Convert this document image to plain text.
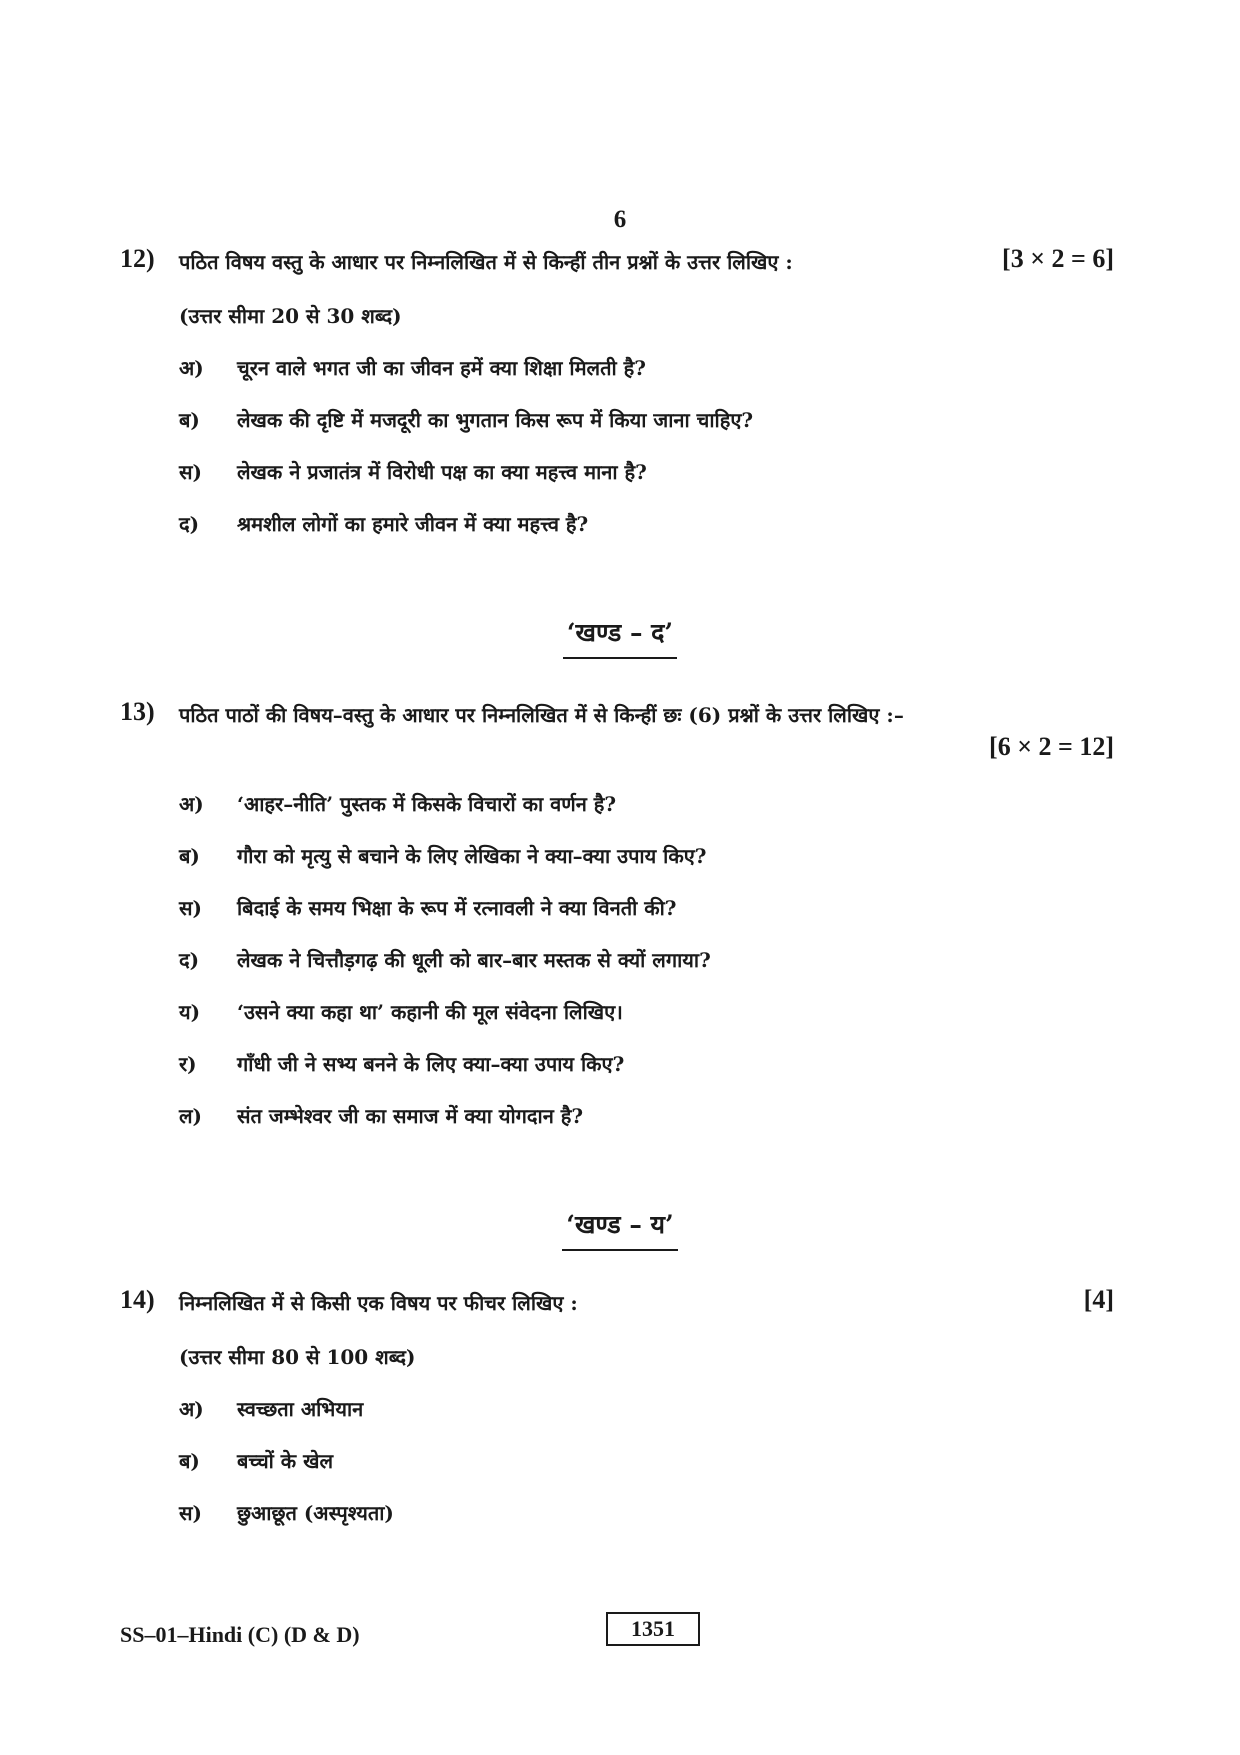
6
12) पठित विषय वस्तु के आधार पर निम्नलिखित में से किन्हीं तीन प्रश्नों के उत्तर लिखिए :	[3 × 2 = 6]
(उत्तर सीमा 20 से 30 शब्द)
अ) चूरन वाले भगत जी का जीवन हमें क्या शिक्षा मिलती है?
ब) लेखक की दृष्टि में मजदूरी का भुगतान किस रूप में किया जाना चाहिए?
स) लेखक ने प्रजातंत्र में विरोधी पक्ष का क्या महत्त्व माना है?
द) श्रमशील लोगों का हमारे जीवन में क्या महत्त्व है?
‘खण्ड – द’
13) पठित पाठों की विषय–वस्तु के आधार पर निम्नलिखित में से किन्हीं छः (6) प्रश्नों के उत्तर लिखिए :–
[6 × 2 = 12]
अ) ‘आहर–नीति’ पुस्तक में किसके विचारों का वर्णन है?
ब) गौरा को मृत्यु से बचाने के लिए लेखिका ने क्या–क्या उपाय किए?
स) बिदाई के समय भिक्षा के रूप में रत्नावली ने क्या विनती की?
द) लेखक ने चित्तौड़गढ़ की धूली को बार–बार मस्तक से क्यों लगाया?
य) ‘उसने क्या कहा था’ कहानी की मूल संवेदना लिखिए।
र) गाँधी जी ने सभ्य बनने के लिए क्या–क्या उपाय किए?
ल) संत जम्भेश्वर जी का समाज में क्या योगदान है?
‘खण्ड – य’
14) निम्नलिखित में से किसी एक विषय पर फीचर लिखिए :	[4]
(उत्तर सीमा 80 से 100 शब्द)
अ) स्वच्छता अभियान
ब) बच्चों के खेल
स) छुआछूत (अस्पृश्यता)
SS–01–Hindi (C) (D & D)	1351
